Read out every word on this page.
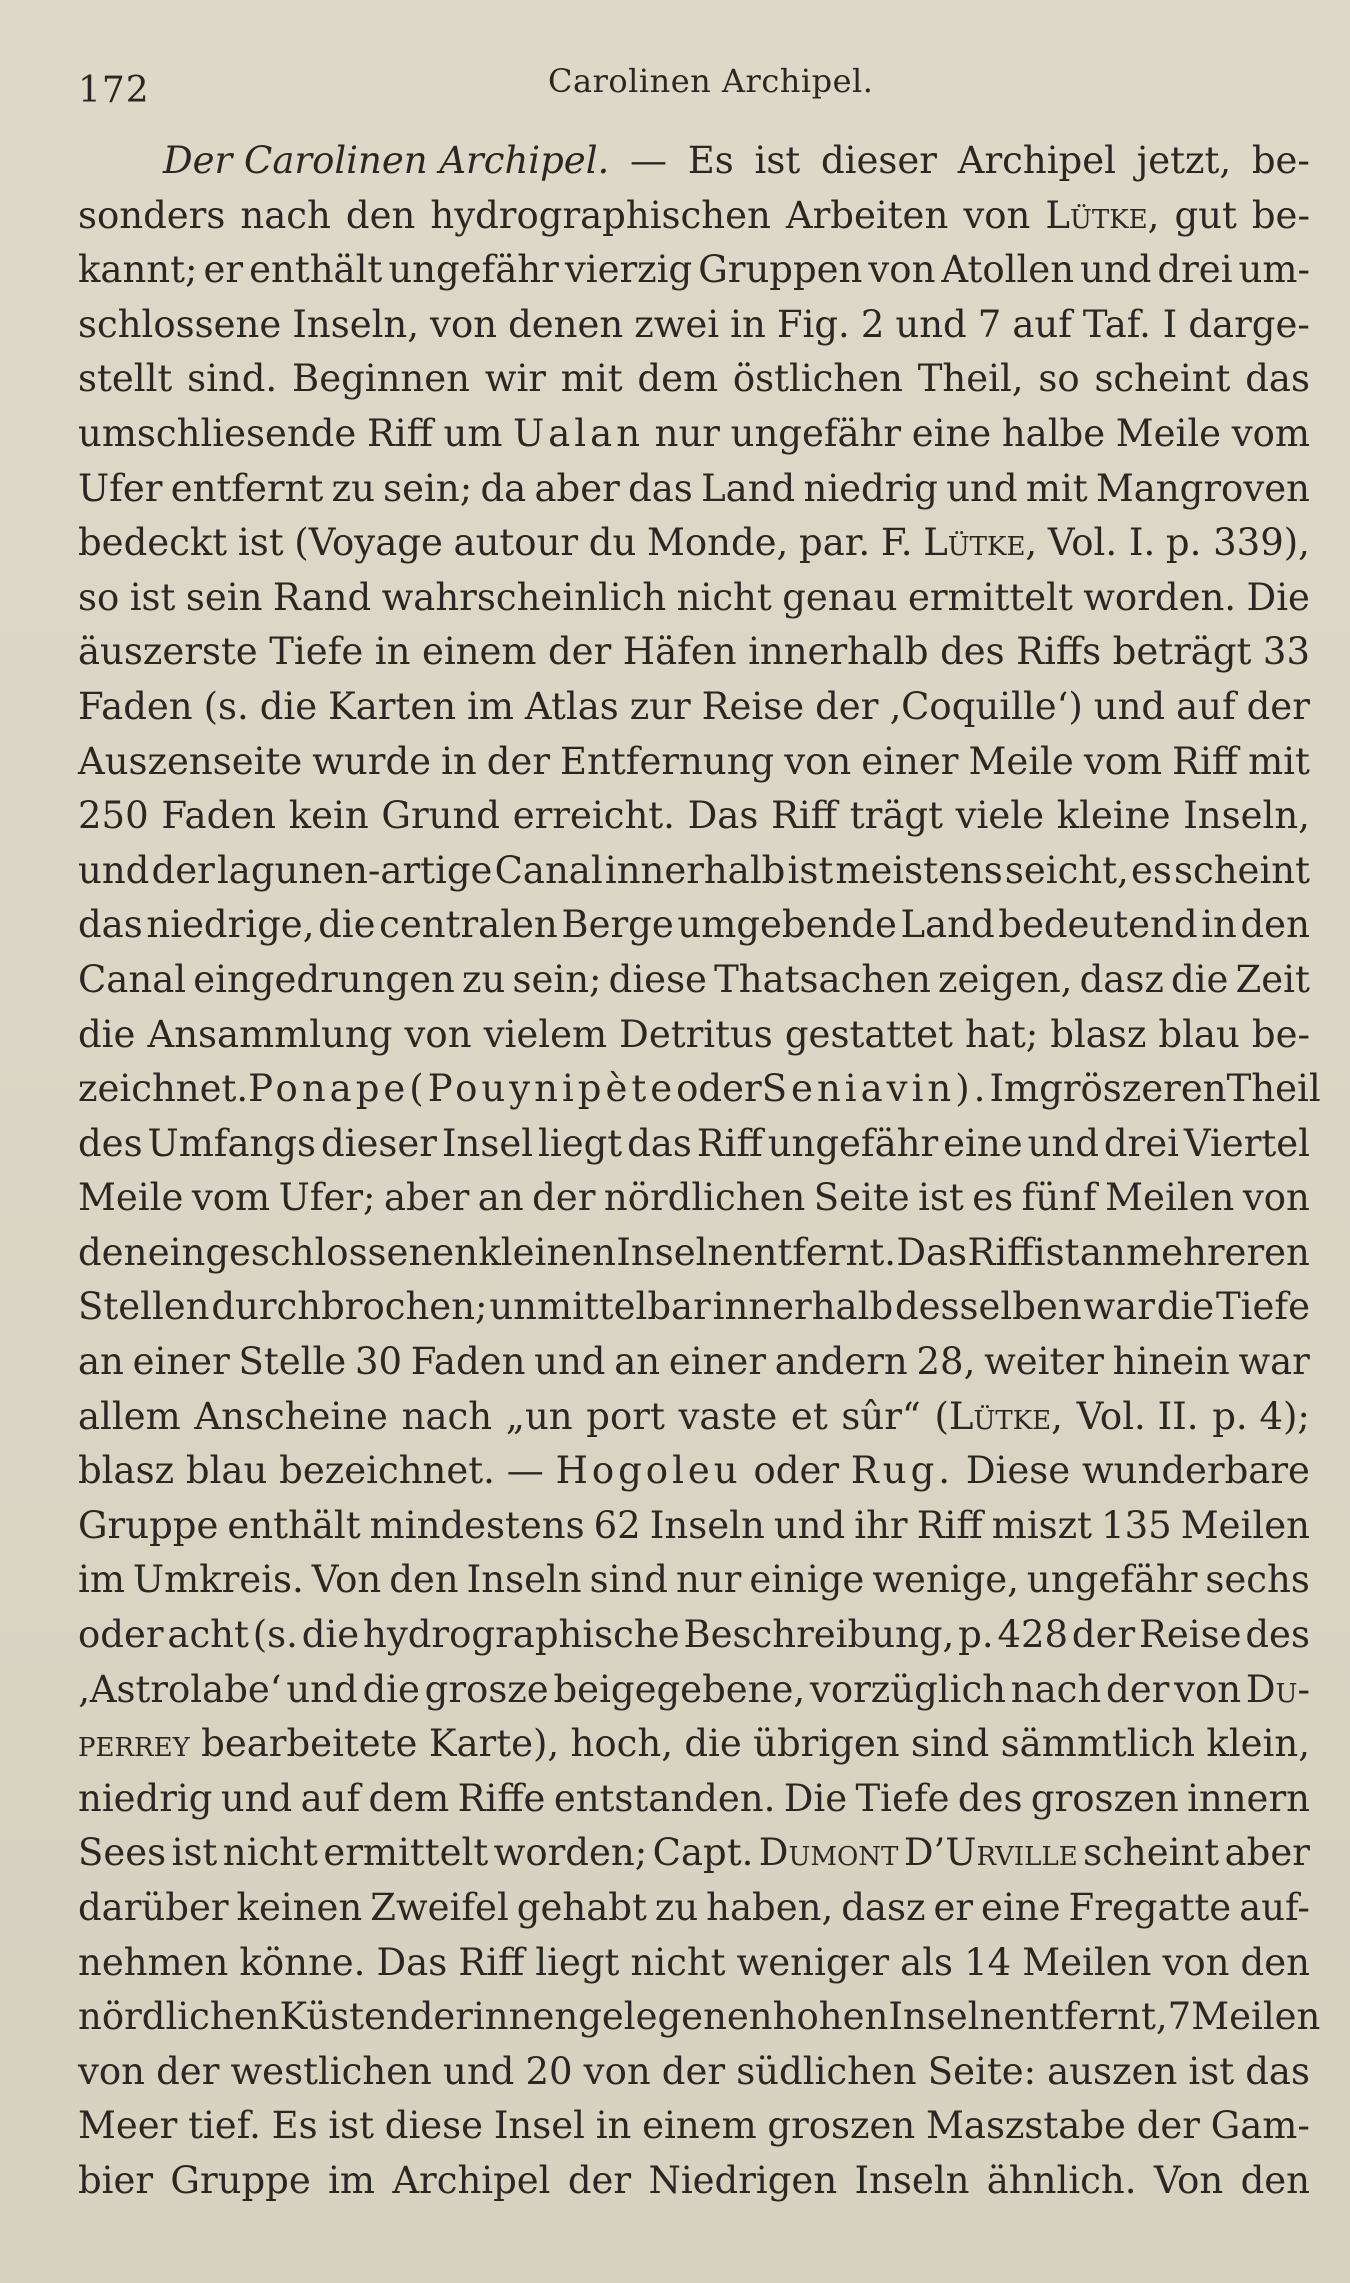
172	Carolinen Archipel.
Der Carolinen Archipel. — Es ist dieser Archipel jetzt, be-
sonders nach den hydrographischen Arbeiten von Lütke, gut be-
kannt; er enthält ungefähr vierzig Gruppen von Atollen und drei um-
schlossene Inseln, von denen zwei in Fig. 2 und 7 auf Taf. I darge-
stellt sind. Beginnen wir mit dem östlichen Theil, so scheint das
umschliesende Riff um Ualan nur ungefähr eine halbe Meile vom
Ufer entfernt zu sein; da aber das Land niedrig und mit Mangroven
bedeckt ist (Voyage autour du Monde, par. F. Lütke, Vol. I. p. 339),
so ist sein Rand wahrscheinlich nicht genau ermittelt worden. Die
äuszerste Tiefe in einem der Häfen innerhalb des Riffs beträgt 33
Faden (s. die Karten im Atlas zur Reise der ‚Coquille‘) und auf der
Auszenseite wurde in der Entfernung von einer Meile vom Riff mit
250 Faden kein Grund erreicht. Das Riff trägt viele kleine Inseln,
und der lagunen-artige Canal innerhalb ist meistens seicht, es scheint
das niedrige, die centralen Berge umgebende Land bedeutend in den
Canal eingedrungen zu sein; diese Thatsachen zeigen, dasz die Zeit
die Ansammlung von vielem Detritus gestattet hat; blasz blau be-
zeichnet. Ponape (Pouynipète oder Seniavin). Im gröszeren Theil
des Umfangs dieser Insel liegt das Riff ungefähr eine und drei Viertel
Meile vom Ufer; aber an der nördlichen Seite ist es fünf Meilen von
den eingeschlossenen kleinen Inseln entfernt. Das Riff ist an mehreren
Stellen durchbrochen; unmittelbar innerhalb desselben war die Tiefe
an einer Stelle 30 Faden und an einer andern 28, weiter hinein war
allem Anscheine nach „un port vaste et sûr“ (Lütke, Vol. II. p. 4);
blasz blau bezeichnet. — Hogoleu oder Rug. Diese wunderbare
Gruppe enthält mindestens 62 Inseln und ihr Riff miszt 135 Meilen
im Umkreis. Von den Inseln sind nur einige wenige, ungefähr sechs
oder acht (s. die hydrographische Beschreibung, p. 428 der Reise des
‚Astrolabe‘ und die grosze beigegebene, vorzüglich nach der von Du-
perrey bearbeitete Karte), hoch, die übrigen sind sämmtlich klein,
niedrig und auf dem Riffe entstanden. Die Tiefe des groszen innern
Sees ist nicht ermittelt worden; Capt. Dumont D’Urville scheint aber
darüber keinen Zweifel gehabt zu haben, dasz er eine Fregatte auf-
nehmen könne. Das Riff liegt nicht weniger als 14 Meilen von den
nördlichen Küsten der innen gelegenen hohen Inseln entfernt, 7 Meilen
von der westlichen und 20 von der südlichen Seite: auszen ist das
Meer tief. Es ist diese Insel in einem groszen Maszstabe der Gam-
bier Gruppe im Archipel der Niedrigen Inseln ähnlich. Von den
